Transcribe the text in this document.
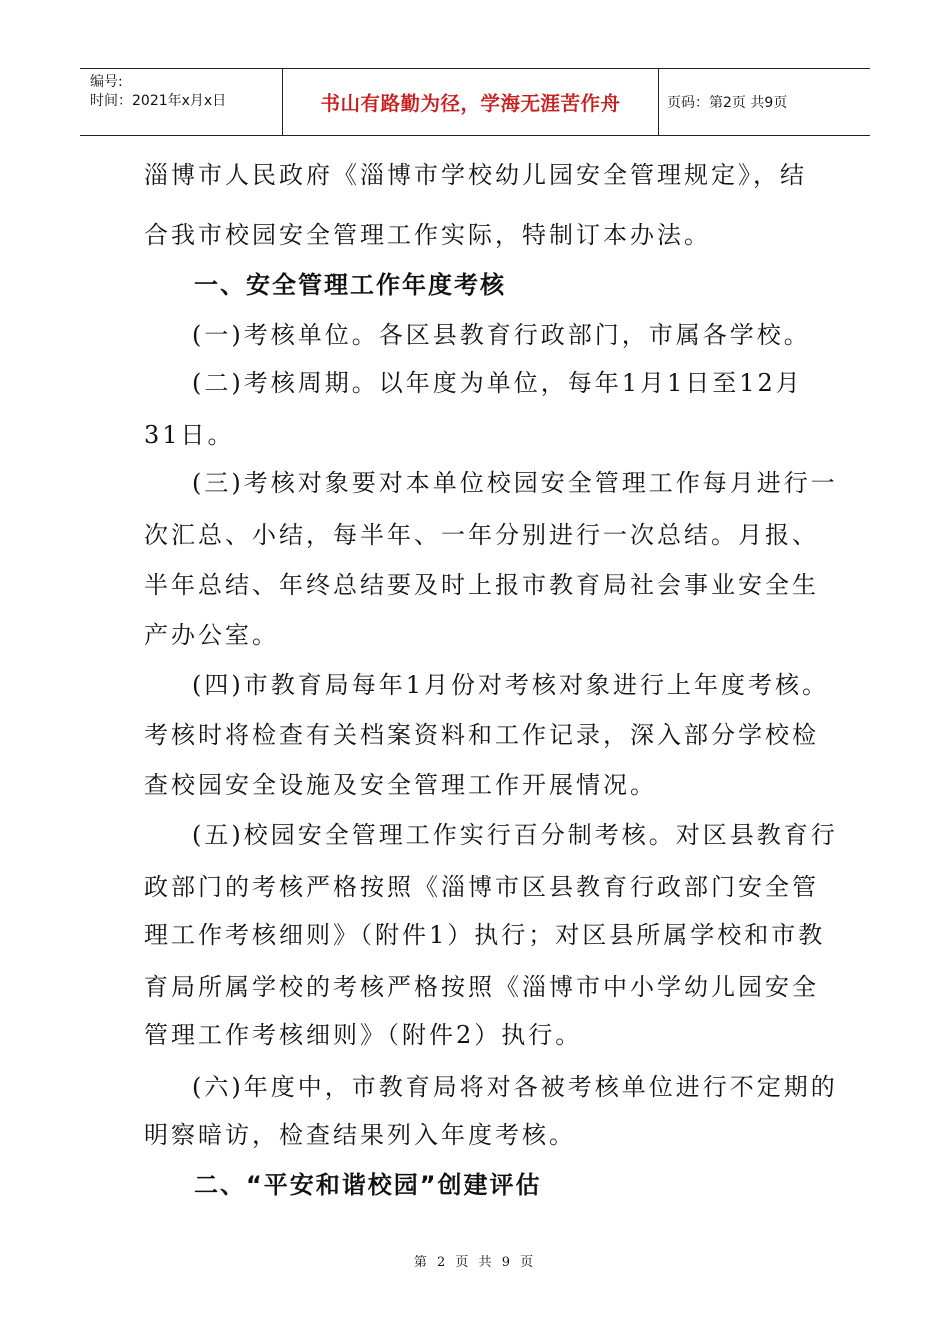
编号:
时间：2021年x月x日	书山有路勤为径，学海无涯苦作舟	页码：第2页 共9页
淄博市人民政府《淄博市学校幼儿园安全管理规定》，结
合我市校园安全管理工作实际，特制订本办法。
一、安全管理工作年度考核
(一)考核单位。各区县教育行政部门，市属各学校。
(二)考核周期。以年度为单位，每年1月1日至12月
31日。
(三)考核对象要对本单位校园安全管理工作每月进行一
次汇总、小结，每半年、一年分别进行一次总结。月报、
半年总结、年终总结要及时上报市教育局社会事业安全生
产办公室。
(四)市教育局每年1月份对考核对象进行上年度考核。
考核时将检查有关档案资料和工作记录，深入部分学校检
查校园安全设施及安全管理工作开展情况。
(五)校园安全管理工作实行百分制考核。对区县教育行
政部门的考核严格按照《淄博市区县教育行政部门安全管
理工作考核细则》（附件1）执行；对区县所属学校和市教
育局所属学校的考核严格按照《淄博市中小学幼儿园安全
管理工作考核细则》（附件2）执行。
(六)年度中，市教育局将对各被考核单位进行不定期的
明察暗访，检查结果列入年度考核。
二、“平安和谐校园”创建评估
第 2 页 共 9 页
